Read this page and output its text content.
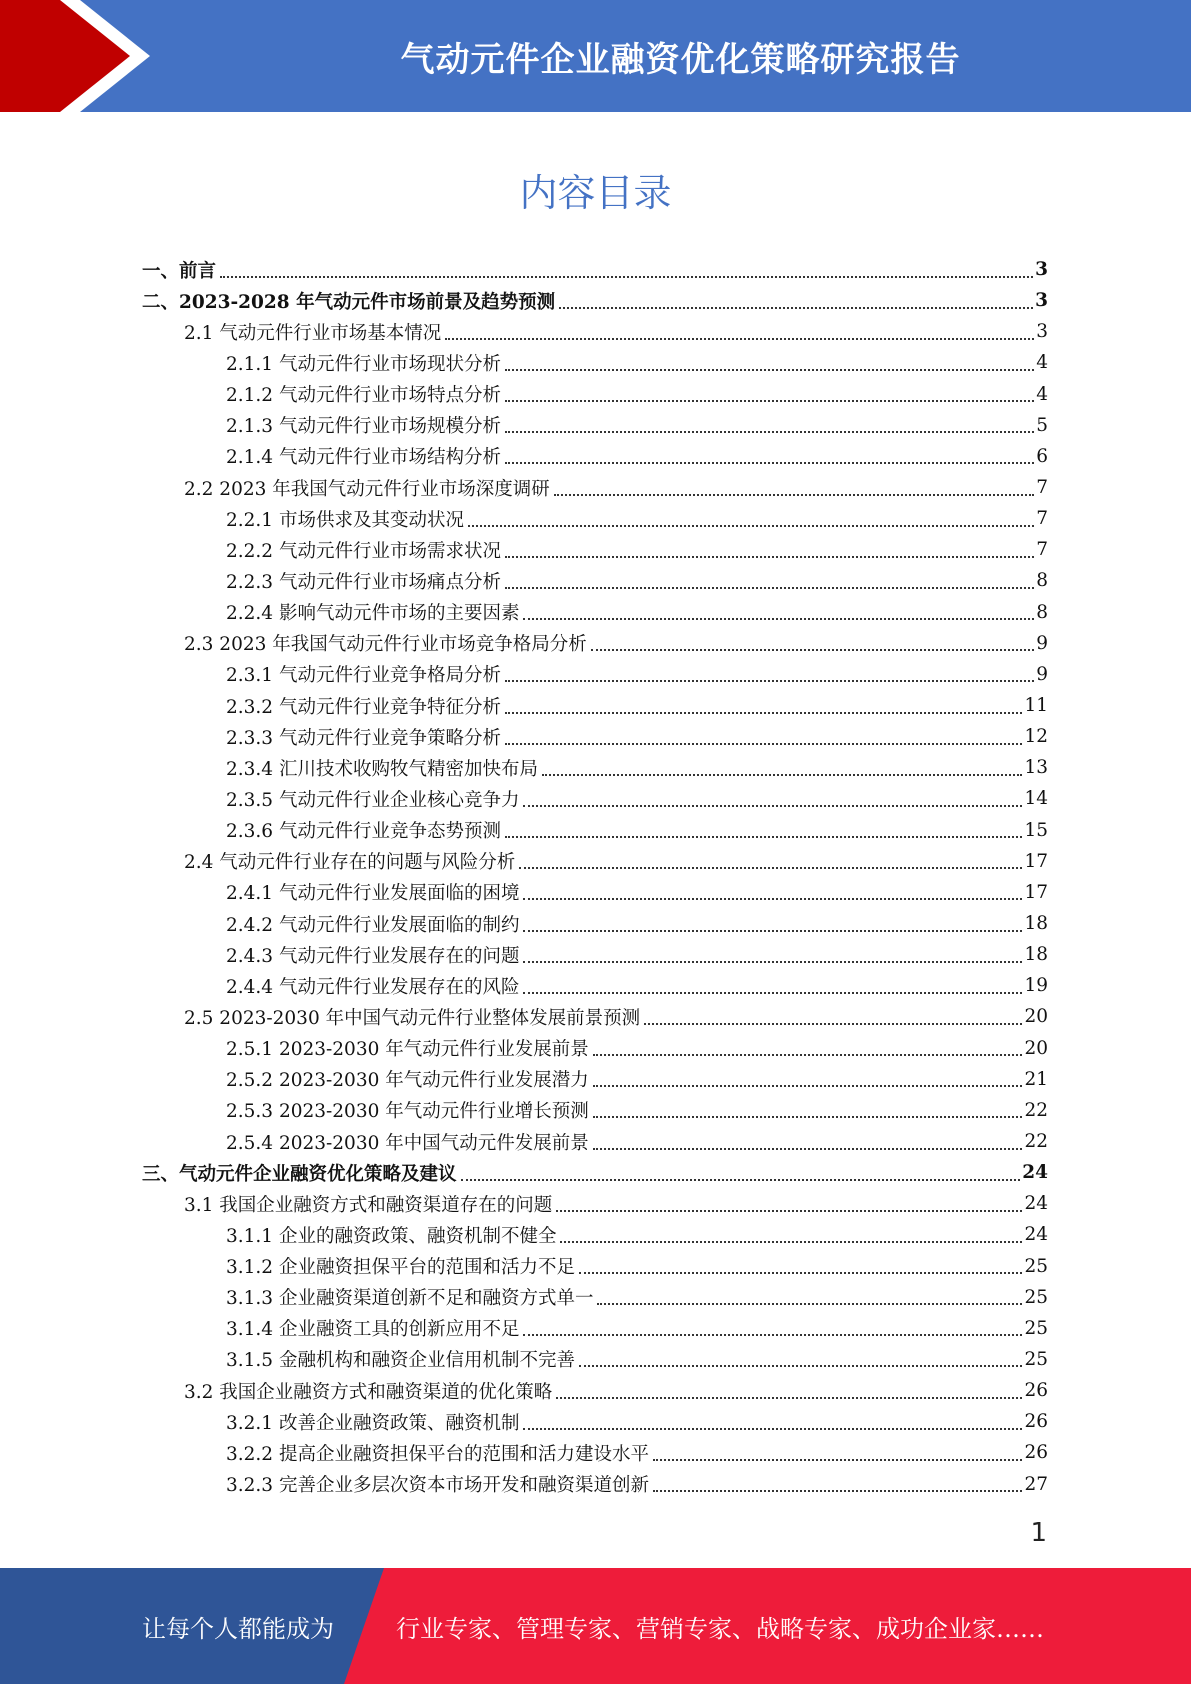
气动元件企业融资优化策略研究报告
内容目录
一、前言	3
二、2023-2028 年气动元件市场前景及趋势预测	3
2.1 气动元件行业市场基本情况	3
2.1.1 气动元件行业市场现状分析	4
2.1.2 气动元件行业市场特点分析	4
2.1.3 气动元件行业市场规模分析	5
2.1.4 气动元件行业市场结构分析	6
2.2 2023 年我国气动元件行业市场深度调研	7
2.2.1 市场供求及其变动状况	7
2.2.2 气动元件行业市场需求状况	7
2.2.3 气动元件行业市场痛点分析	8
2.2.4 影响气动元件市场的主要因素	8
2.3 2023 年我国气动元件行业市场竞争格局分析	9
2.3.1 气动元件行业竞争格局分析	9
2.3.2 气动元件行业竞争特征分析	11
2.3.3 气动元件行业竞争策略分析	12
2.3.4 汇川技术收购牧气精密加快布局	13
2.3.5 气动元件行业企业核心竞争力	14
2.3.6 气动元件行业竞争态势预测	15
2.4 气动元件行业存在的问题与风险分析	17
2.4.1 气动元件行业发展面临的困境	17
2.4.2 气动元件行业发展面临的制约	18
2.4.3 气动元件行业发展存在的问题	18
2.4.4 气动元件行业发展存在的风险	19
2.5 2023-2030 年中国气动元件行业整体发展前景预测	20
2.5.1 2023-2030 年气动元件行业发展前景	20
2.5.2 2023-2030 年气动元件行业发展潜力	21
2.5.3 2023-2030 年气动元件行业增长预测	22
2.5.4 2023-2030 年中国气动元件发展前景	22
三、气动元件企业融资优化策略及建议	24
3.1 我国企业融资方式和融资渠道存在的问题	24
3.1.1 企业的融资政策、融资机制不健全	24
3.1.2 企业融资担保平台的范围和活力不足	25
3.1.3 企业融资渠道创新不足和融资方式单一	25
3.1.4 企业融资工具的创新应用不足	25
3.1.5 金融机构和融资企业信用机制不完善	25
3.2 我国企业融资方式和融资渠道的优化策略	26
3.2.1 改善企业融资政策、融资机制	26
3.2.2 提高企业融资担保平台的范围和活力建设水平	26
3.2.3 完善企业多层次资本市场开发和融资渠道创新	27
1
让每个人都能成为	行业专家、管理专家、营销专家、战略专家、成功企业家……
